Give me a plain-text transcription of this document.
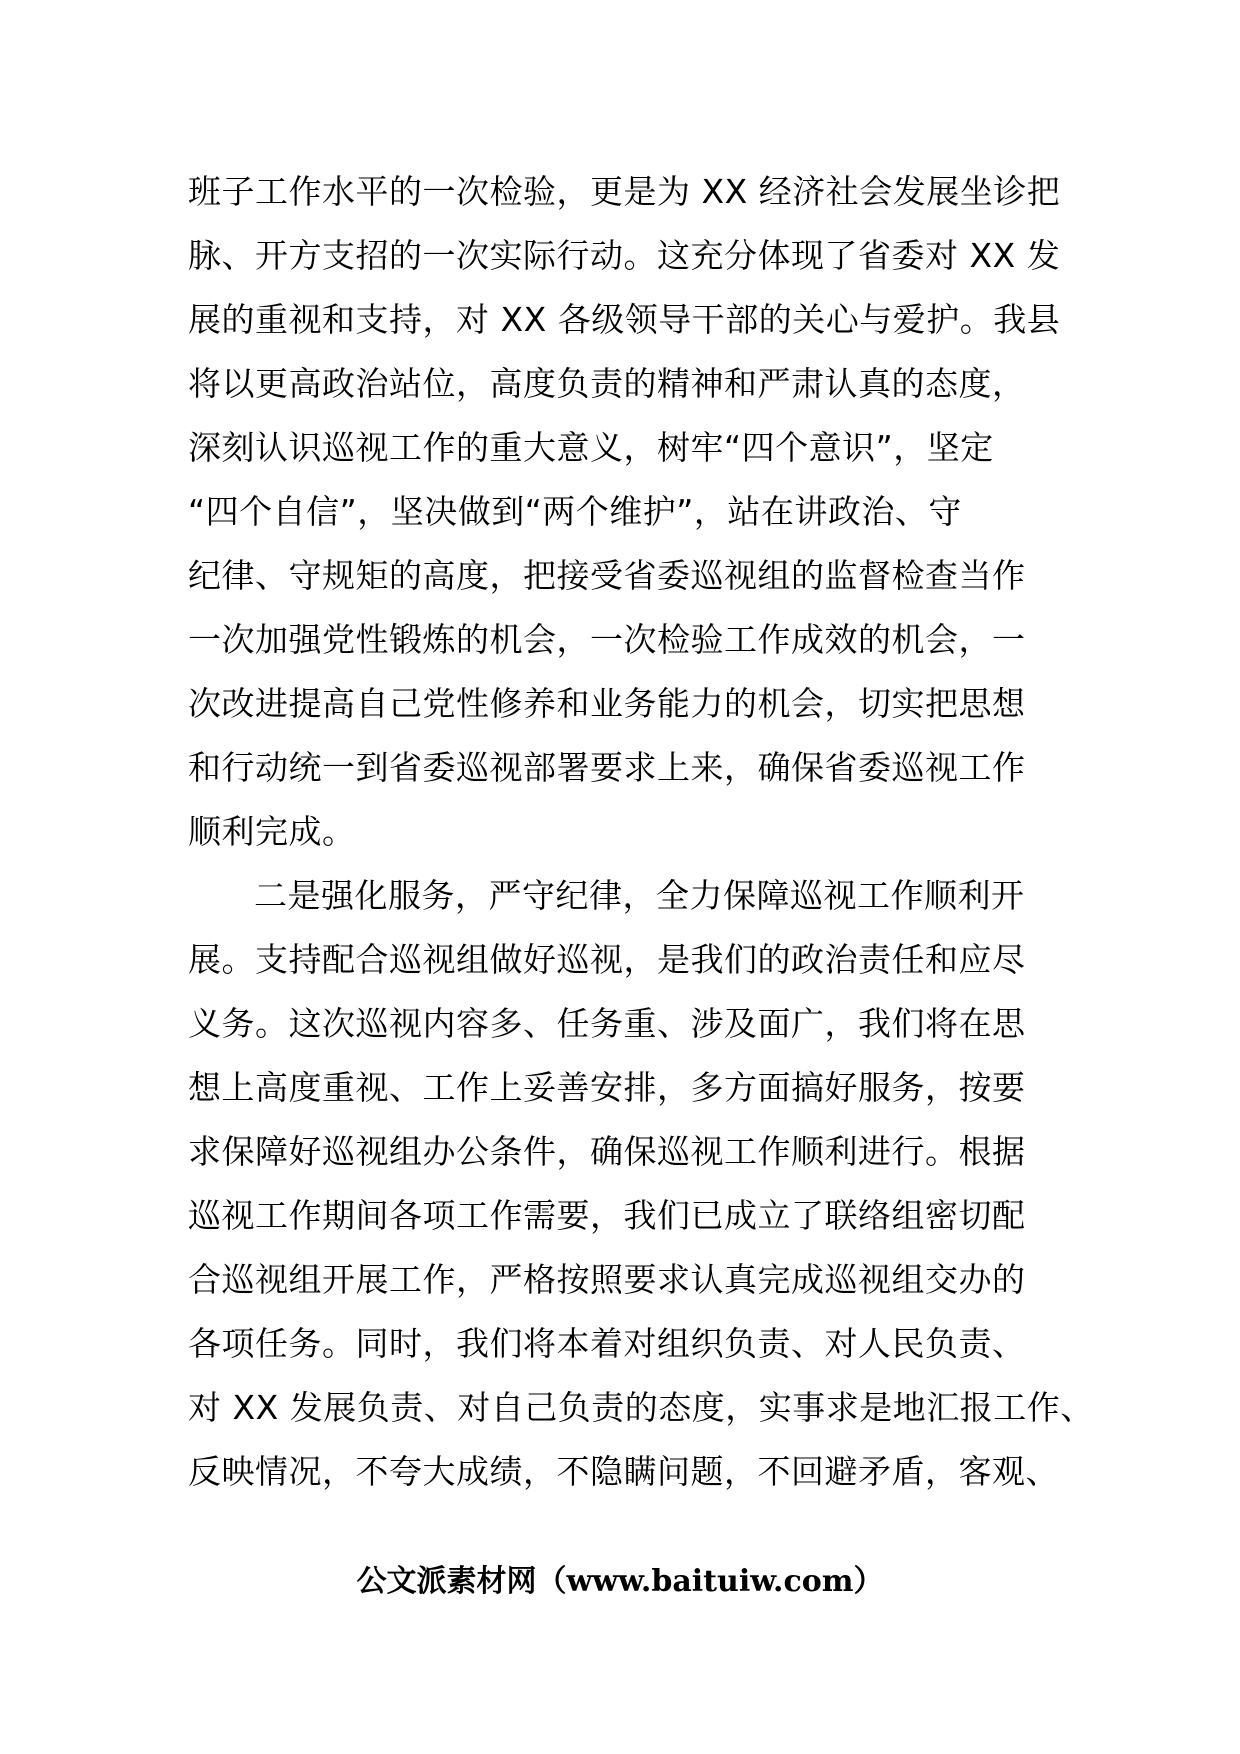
班子工作水平的一次检验，更是为 XX 经济社会发展坐诊把
脉、开方支招的一次实际行动。这充分体现了省委对 XX 发
展的重视和支持，对 XX 各级领导干部的关心与爱护。我县
将以更高政治站位，高度负责的精神和严肃认真的态度，
深刻认识巡视工作的重大意义，树牢“四个意识”，坚定
“四个自信”，坚决做到“两个维护”，站在讲政治、守
纪律、守规矩的高度，把接受省委巡视组的监督检查当作
一次加强党性锻炼的机会，一次检验工作成效的机会，一
次改进提高自己党性修养和业务能力的机会，切实把思想
和行动统一到省委巡视部署要求上来，确保省委巡视工作
顺利完成。
二是强化服务，严守纪律，全力保障巡视工作顺利开
展。支持配合巡视组做好巡视，是我们的政治责任和应尽
义务。这次巡视内容多、任务重、涉及面广，我们将在思
想上高度重视、工作上妥善安排，多方面搞好服务，按要
求保障好巡视组办公条件，确保巡视工作顺利进行。根据
巡视工作期间各项工作需要，我们已成立了联络组密切配
合巡视组开展工作，严格按照要求认真完成巡视组交办的
各项任务。同时，我们将本着对组织负责、对人民负责、
对 XX 发展负责、对自己负责的态度，实事求是地汇报工作、
反映情况，不夸大成绩，不隐瞒问题，不回避矛盾，客观、
公文派素材网（www.baituiw.com）
